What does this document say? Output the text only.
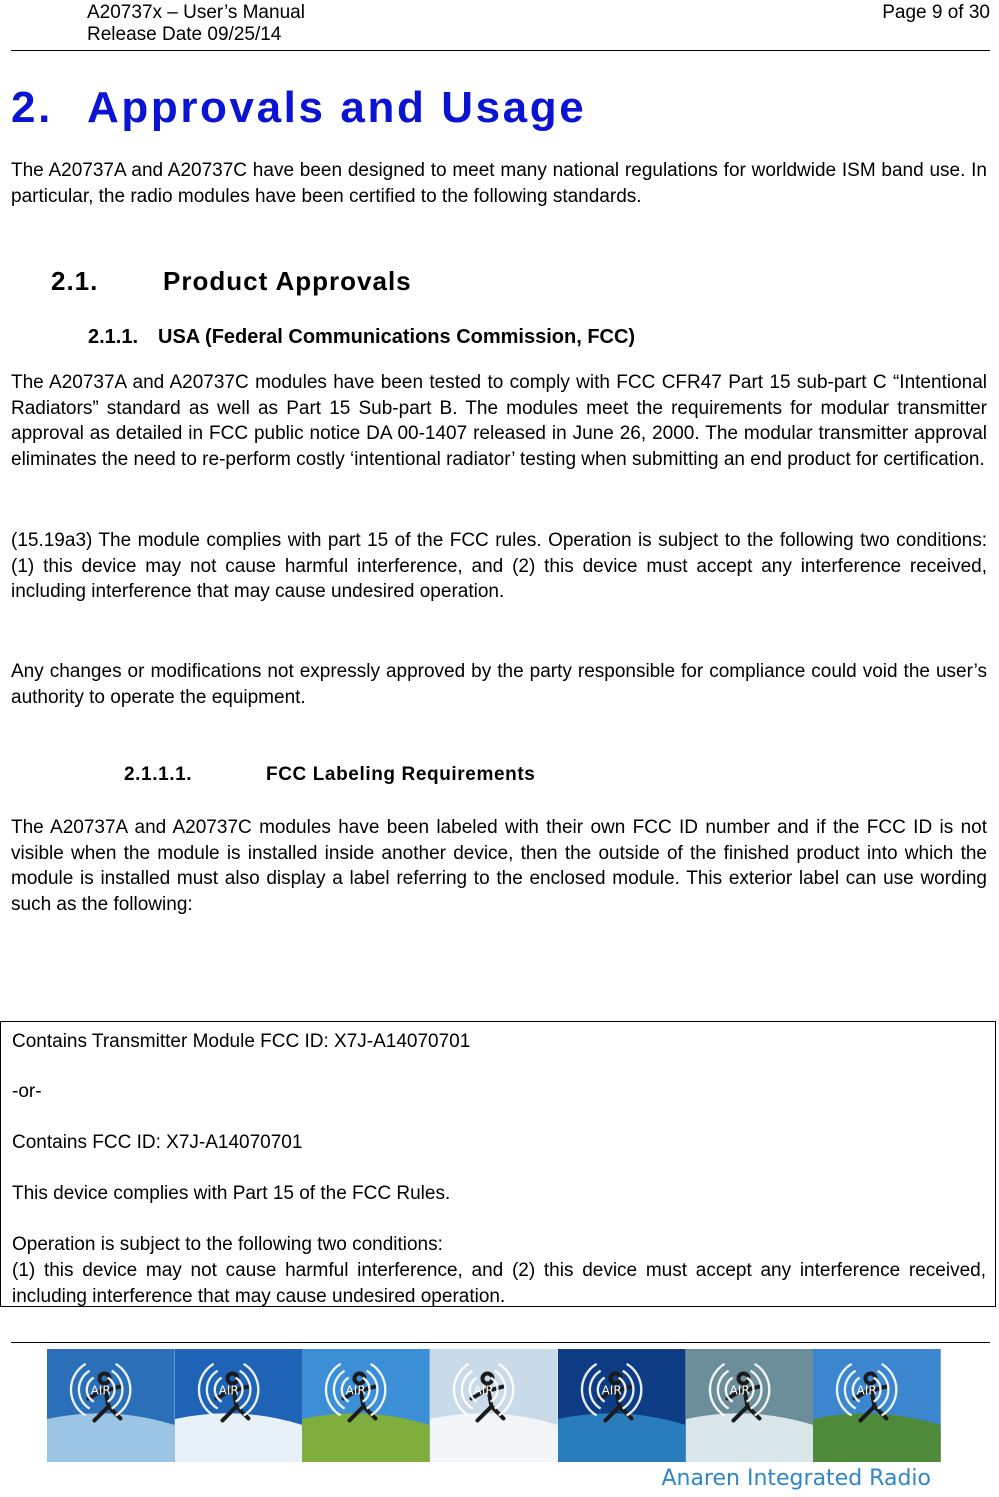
A20737x – User’s Manual
Release Date 09/25/14
Page 9 of 30
2. Approvals and Usage

The A20737A and A20737C have been designed to meet many national regulations for worldwide ISM band use. In particular, the radio modules have been certified to the following standards.

2.1. Product Approvals
2.1.1. USA (Federal Communications Commission, FCC)

The A20737A and A20737C modules have been tested to comply with FCC CFR47 Part 15 sub-part C “Intentional Radiators” standard as well as Part 15 Sub-part B. The modules meet the requirements for modular transmitter approval as detailed in FCC public notice DA 00-1407 released in June 26, 2000. The modular transmitter approval eliminates the need to re-perform costly ‘intentional radiator’ testing when submitting an end product for certification.

(15.19a3) The module complies with part 15 of the FCC rules. Operation is subject to the following two conditions: (1) this device may not cause harmful interference, and (2) this device must accept any interference received, including interference that may cause undesired operation.

Any changes or modifications not expressly approved by the party responsible for compliance could void the user’s authority to operate the equipment.

2.1.1.1.	FCC Labeling Requirements

The A20737A and A20737C modules have been labeled with their own FCC ID number and if the FCC ID is not visible when the module is installed inside another device, then the outside of the finished product into which the module is installed must also display a label referring to the enclosed module. This exterior label can use wording such as the following:

Contains Transmitter Module FCC ID: X7J-A14070701

-or-

Contains FCC ID: X7J-A14070701

This device complies with Part 15 of the FCC Rules.

Operation is subject to the following two conditions:

(1) this device may not cause harmful interference, and (2) this device must accept any interference received, including interference that may cause undesired operation.

AIR	AIR	AIR	AIR	AIR	AIR	AIR
Anaren Integrated Radio
